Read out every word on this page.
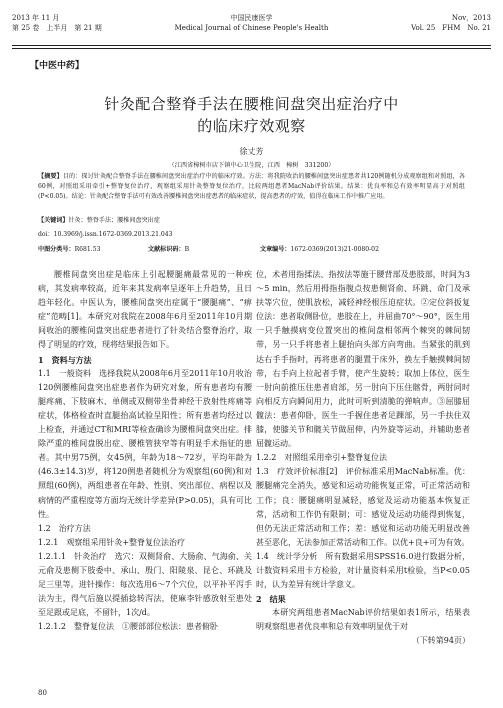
2013 年 11 月
第 25 卷　上半月　第 21 期
中国民康医学
Medical Journal of Chinese People's Health
Nov，2013
Vol. 25　FHM　No. 21
【中医中药】
针灸配合整脊手法在腰椎间盘突出症治疗中
的临床疗效观察
徐丈芳
（江西省樟树市店下镇中心卫生院，江西　樟树　331200）
【摘要】目的：探讨针灸配合整脊手法在腰椎间盘突出症治疗中的临床疗效。方法：将我院收治的腰椎间盘突出症患者共120例随机分成观察组和对照组，各60例，对照组采用牵引+整脊复位治疗，观察组采用针灸整脊复位治疗，比较两组患者MacNab评价结果。结果：优良率和总有效率明显高于对照组(P<0.05)。结论：针灸配合整脊手法可有效改善腰椎间盘突出症患者的临床症状，提高患者的疗效，值得在临床工作中推广应用。
【关键词】针灸；整脊手法；腰椎间盘突出症
doi：10.3969/j.issn.1672-0369.2013.21.043
中图分类号：R681.53	文献标识码：B	文章编号：1672-0369(2013)21-0080-02

腰椎间盘突出症是临床上引起腰腿痛最常见的一种疾病，其发病率较高，近年来其发病率呈逐年上升趋势，且日趋年轻化。中医认为，腰椎间盘突出症属于“腰腿痛”、“痹症”范畴[1]。本研究对我院在2008年6月至2011年10月期间收治的腰椎间盘突出症患者进行了针灸结合整脊治疗，取得了明显的疗效，现将结果报告如下。

1　资料与方法

1.1　一般资料　选择我院从2008年6月至2011年10月收治120例腰椎间盘突出症患者作为研究对象，所有患者均有腰腿疼痛、下肢麻木、单侧或双侧带坐骨神经干放射性疼痛等症状，体格检查时直腿抬高试验呈阳性；所有患者均经过以上检查，并通过CT和MRI等检查确诊为腰椎间盘突出症。排除严重的椎间盘脱出症、腰椎管狭窄等有明显手术指征的患者。其中男75例，女45例，年龄为18～72岁，平均年龄为(46.3±14.3)岁，将120例患者随机分为观察组(60例)和对照组(60例)，两组患者在年龄、性别、突出部位、病程以及病情的严重程度等方面均无统计学差异(P>0.05)，具有可比性。

1.2　治疗方法

1.2.1　观察组采用针灸+整脊复位法治疗

1.2.1.1　针灸治疗　选穴：双侧肾俞、大肠俞、气海俞、关元俞及患侧下肢委中、承山、殷门、阳陵泉、昆仑、环跳及足三里等。进针操作：每次选用6～7个穴位，以平补平泻手法为主，得气后施以提插捻转泻法，使麻李针感放射至患处至足跟或足底，不留针，1次/d。

1.2.1.2　整脊复位法　①腰部部位松法：患者俯卧

位，术者用指揉法、指按法等施于腰背部及患肢部，时间为3～5 min，然后用拇指指腹点按患侧肾俞、环跳、命门及承扶等穴位，使肌放松，减轻神经根压迫症状。②定位斜扳复位法：患者取侧卧位，患肢在上，并屈曲70°～90°，医生用一只手触摸病变位置突出的椎间盘相邻两个棘突的棘间韧带，另一只手将患者上腿抬向头部方向弯曲。当紧张的肌到达右手手指时，再将患者的腿置于床外，换左手触摸棘间韧带，右手向上拉起者手臂，使产生旋转；取加上体位，医生一肘向前推压住患者肩部，另一肘向下压住髂骨，两肘同时向相反方向瞬间用力，此时可听到清脆的弹响声。③屈膝屈髋法：患者仰卧，医生一手握住患者足踝部，另一手扶住双膝，使膝关节和髋关节做屈伸，内外旋等运动，并辅助患者屈髋运动。

1.2.2　对照组采用牵引+整脊复位法

1.3　疗效评价标准[2]　评价标准采用MacNab标准。优：腰腿痛完全消失，感觉和运动功能恢复正常，可正常活动和工作；良：腰腿痛明显减轻，感觉及运动功能基本恢复正常，活动和工作仍有限制；可：感觉及运动功能得到恢复，但仍无法正常活动和工作；差：感觉和运动功能无明显改善甚至恶化，无法参加正常活动和工作。以优+良+可为有效。

1.4　统计学分析　所有数据采用SPSS16.0进行数据分析，计数资料采用卡方检验，对计量资料采用t检验，当P<0.05时，认为差异有统计学意义。

2　结果

本研究两组患者MacNab评价结果如表1所示，结果表明观察组患者优良率和总有效率明显优于对

（下转第94页）

80
